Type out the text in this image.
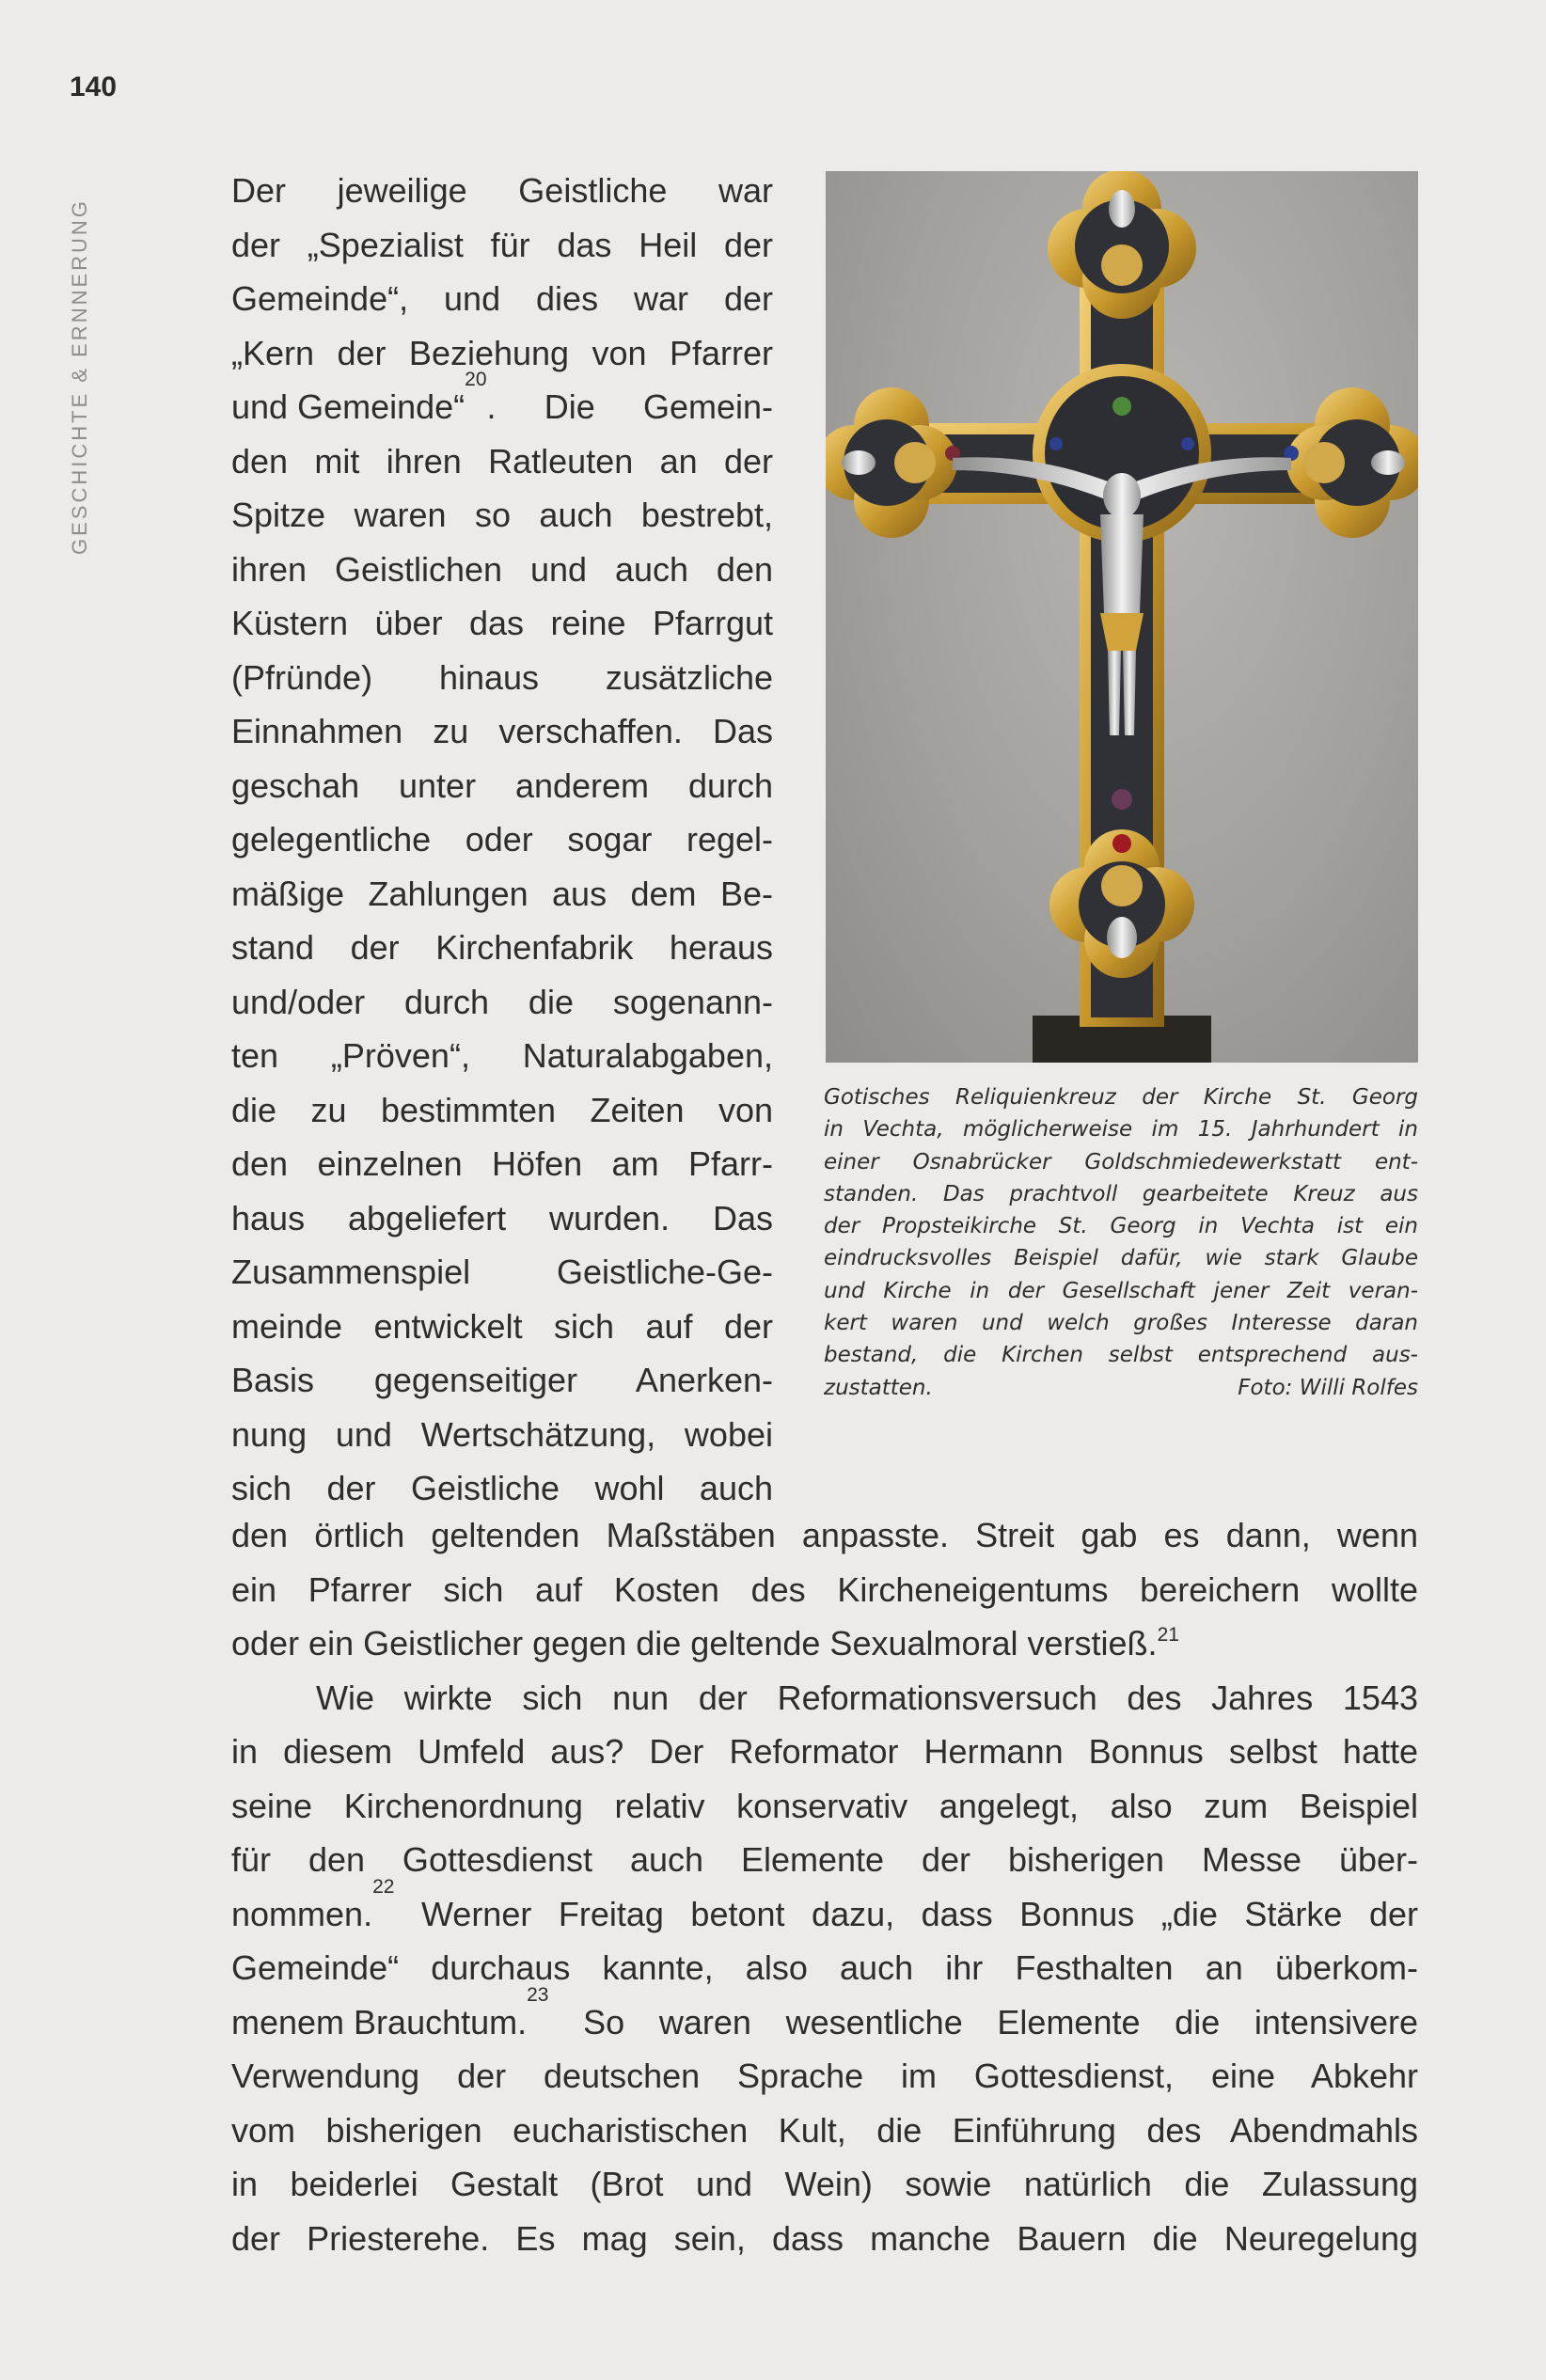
140
GESCHICHTE & ERNNERUNG
Der jeweilige Geistliche war
der „Spezialist für das Heil der
Gemeinde“, und dies war der
„Kern der Beziehung von Pfarrer
und Gemeinde“
20
. Die Gemein-
den mit ihren Ratleuten an der
Spitze waren so auch bestrebt,
ihren Geistlichen und auch den
Küstern über das reine Pfarrgut
(Pfründe) hinaus zusätzliche
Einnahmen zu verschaffen. Das
geschah unter anderem durch
gelegentliche oder sogar regel-
mäßige Zahlungen aus dem Be-
stand der Kirchenfabrik heraus
und/oder durch die sogenann-
ten „Pröven“, Naturalabgaben,
die zu bestimmten Zeiten von
den einzelnen Höfen am Pfarr-
haus abgeliefert wurden. Das
Zusammenspiel Geistliche-Ge-
meinde entwickelt sich auf der
Basis gegenseitiger Anerken-
nung und Wertschätzung, wobei
sich der Geistliche wohl auch
Gotisches Reliquienkreuz der Kirche St. Georg
in Vechta, möglicherweise im 15. Jahrhundert in
einer Osnabrücker Goldschmiedewerkstatt ent-
standen. Das prachtvoll gearbeitete Kreuz aus
der Propsteikirche St. Georg in Vechta ist ein
eindrucksvolles Beispiel dafür, wie stark Glaube
und Kirche in der Gesellschaft jener Zeit veran-
kert waren und welch großes Interesse daran
bestand, die Kirchen selbst entsprechend aus-
zustatten.	Foto: Willi Rolfes
den örtlich geltenden Maßstäben anpasste. Streit gab es dann, wenn
ein Pfarrer sich auf Kosten des Kircheneigentums bereichern wollte
oder ein Geistlicher gegen die geltende Sexualmoral verstieß.$^{21}$
Wie wirkte sich nun der Reformationsversuch des Jahres 1543
in diesem Umfeld aus? Der Reformator Hermann Bonnus selbst hatte
seine Kirchenordnung relativ konservativ angelegt, also zum Beispiel
für den Gottesdienst auch Elemente der bisherigen Messe über-
nommen.
22
Werner Freitag betont dazu, dass Bonnus „die Stärke der
Gemeinde“ durchaus kannte, also auch ihr Festhalten an überkom-
menem Brauchtum.
23
So waren wesentliche Elemente die intensivere
Verwendung der deutschen Sprache im Gottesdienst, eine Abkehr
vom bisherigen eucharistischen Kult, die Einführung des Abendmahls
in beiderlei Gestalt (Brot und Wein) sowie natürlich die Zulassung
der Priesterehe. Es mag sein, dass manche Bauern die Neuregelung
